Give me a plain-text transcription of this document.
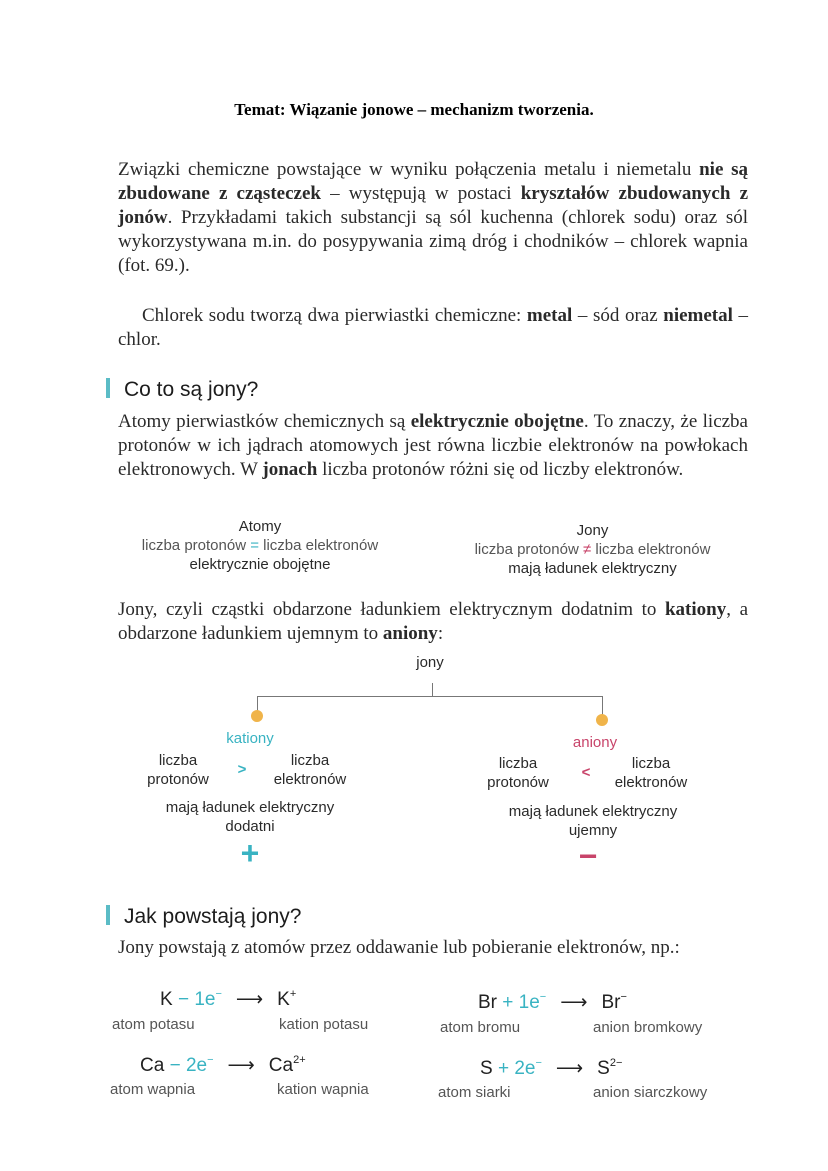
Temat: Wiązanie jonowe – mechanizm tworzenia.
Związki chemiczne powstające w wyniku połączenia metalu i niemetalu nie są zbudowane z cząsteczek – występują w postaci kryształów zbudowanych z jonów. Przykładami takich substancji są sól kuchenna (chlorek sodu) oraz sól wykorzystywana m.in. do posypywania zimą dróg i chodników – chlorek wapnia (fot. 69.).
Chlorek sodu tworzą dwa pierwiastki chemiczne: metal – sód oraz niemetal – chlor.
Co to są jony?
Atomy pierwiastków chemicznych są elektrycznie obojętne. To znaczy, że liczba protonów w ich jądrach atomowych jest równa liczbie elektronów na powłokach elektronowych. W jonach liczba protonów różni się od liczby elektronów.
Atomy
liczba protonów = liczba elektronów
elektrycznie obojętne
Jony
liczba protonów ≠ liczba elektronów
mają ładunek elektryczny
Jony, czyli cząstki obdarzone ładunkiem elektrycznym dodatnim to kationy, a obdarzone ładunkiem ujemnym to aniony:
jony
kationy
liczba
protonów
>
liczba
elektronów
mają ładunek elektryczny
dodatni
+
aniony
liczba
protonów
<
liczba
elektronów
mają ładunek elektryczny
ujemny
−
Jak powstają jony?
Jony powstają z atomów przez oddawanie lub pobieranie elektronów, np.:
K − 1e− ⟶ K+
atom potasu	kation potasu
Br + 1e− ⟶ Br−
atom bromu	anion bromkowy
Ca − 2e− ⟶ $Ca^{2+}$
atom wapnia	kation wapnia
S + 2e− ⟶ $S^{2-}$
atom siarki	anion siarczkowy
